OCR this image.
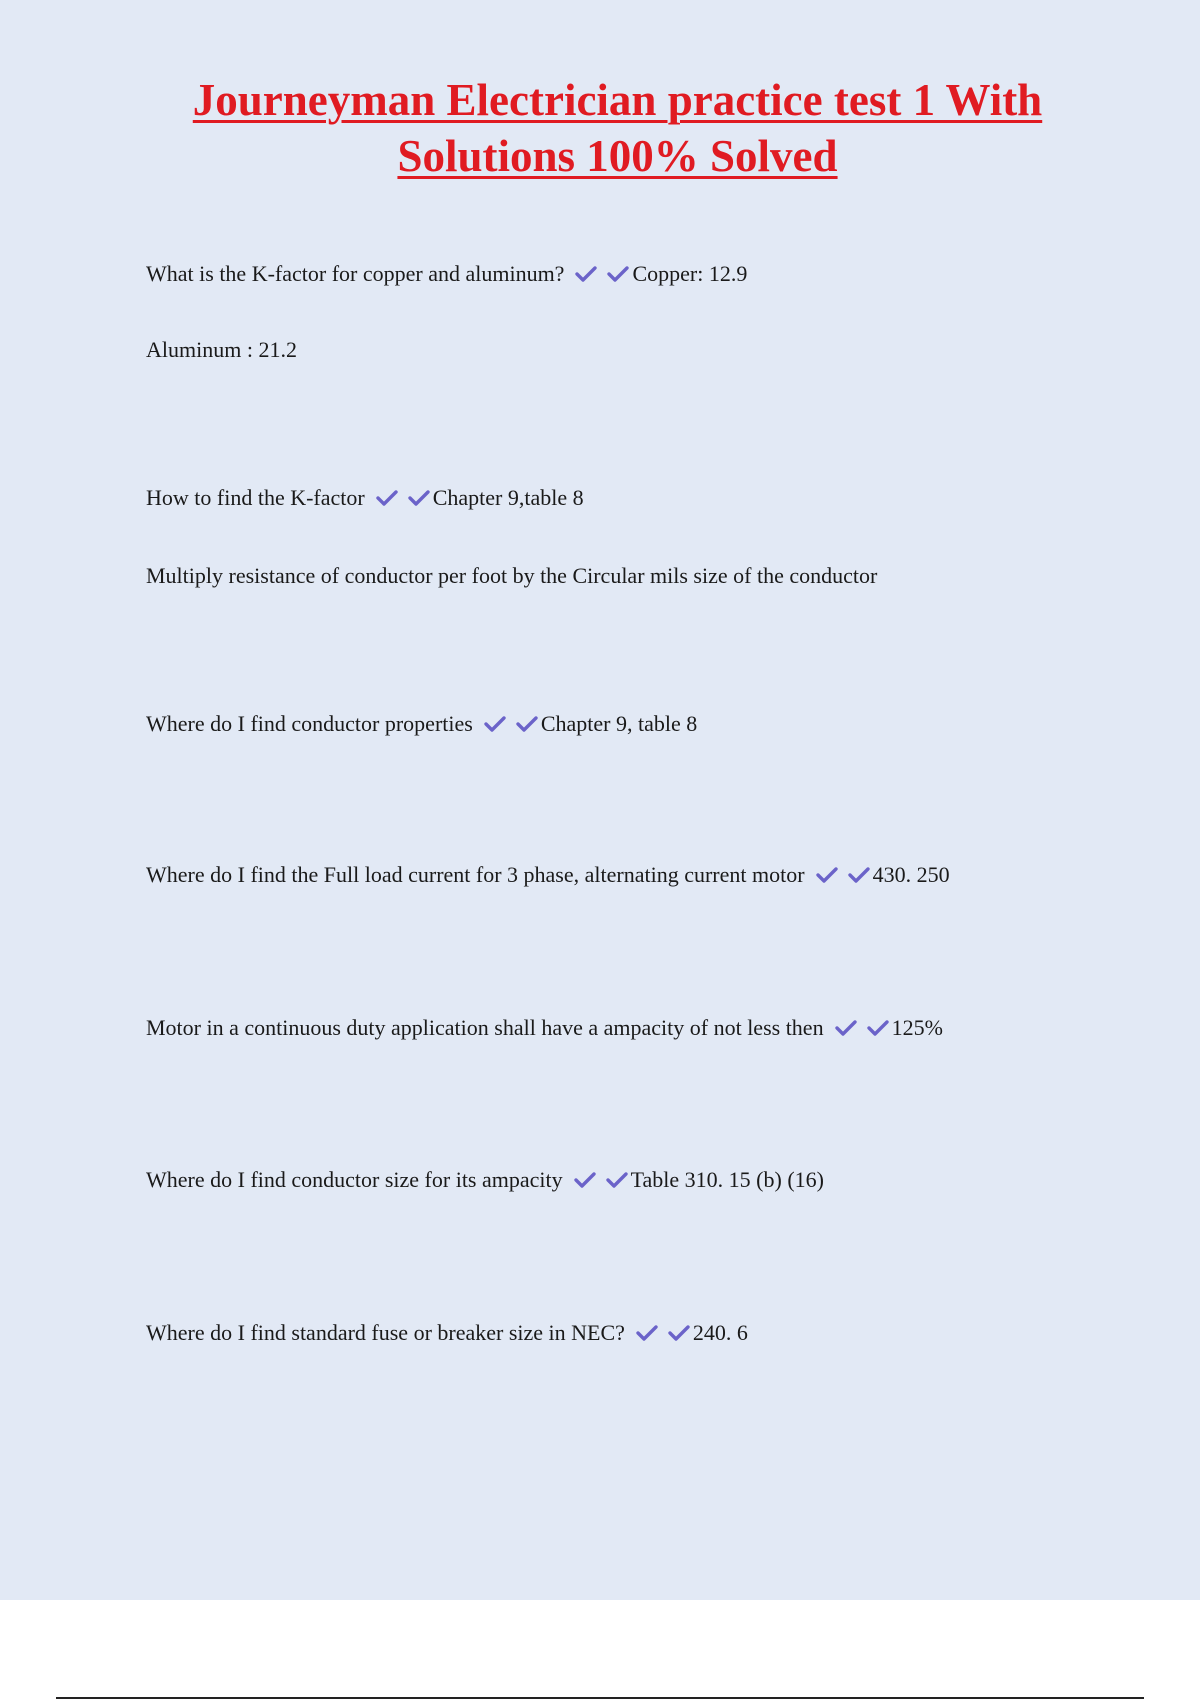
Journeyman Electrician practice test 1 With Solutions 100% Solved
What is the K-factor for copper and aluminum?	Copper: 12.9
Aluminum : 21.2
How to find the K-factor	Chapter 9,table 8
Multiply resistance of conductor per foot by the Circular mils size of the conductor
Where do I find conductor properties	Chapter 9, table 8
Where do I find the Full load current for 3 phase, alternating current motor	430. 250
Motor in a continuous duty application shall have a ampacity of not less then	125%
Where do I find conductor size for its ampacity	Table 310. 15 (b) (16)
Where do I find standard fuse or breaker size in NEC?	240. 6
